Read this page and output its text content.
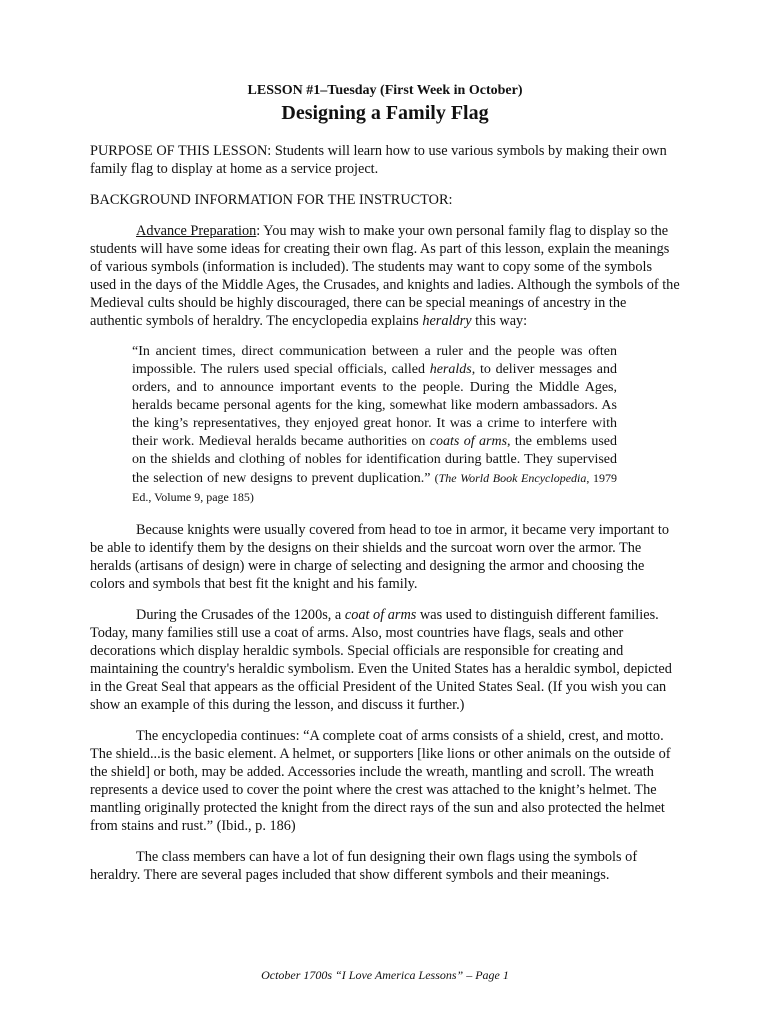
LESSON #1–Tuesday (First Week in October)
Designing a Family Flag

PURPOSE OF THIS LESSON: Students will learn how to use various symbols by making their own family flag to display at home as a service project.

BACKGROUND INFORMATION FOR THE INSTRUCTOR:

Advance Preparation: You may wish to make your own personal family flag to display so the students will have some ideas for creating their own flag. As part of this lesson, explain the meanings of various symbols (information is included). The students may want to copy some of the symbols used in the days of the Middle Ages, the Crusades, and knights and ladies. Although the symbols of the Medieval cults should be highly discouraged, there can be special meanings of ancestry in the authentic symbols of heraldry. The encyclopedia explains heraldry this way:

“In ancient times, direct communication between a ruler and the people was often impossible. The rulers used special officials, called heralds, to deliver messages and orders, and to announce important events to the people. During the Middle Ages, heralds became personal agents for the king, somewhat like modern ambassadors. As the king’s representatives, they enjoyed great honor. It was a crime to interfere with their work. Medieval heralds became authorities on coats of arms, the emblems used on the shields and clothing of nobles for identification during battle. They supervised the selection of new designs to prevent duplication.” (The World Book Encyclopedia, 1979 Ed., Volume 9, page 185)

Because knights were usually covered from head to toe in armor, it became very important to be able to identify them by the designs on their shields and the surcoat worn over the armor. The heralds (artisans of design) were in charge of selecting and designing the armor and choosing the colors and symbols that best fit the knight and his family.

During the Crusades of the 1200s, a coat of arms was used to distinguish different families. Today, many families still use a coat of arms. Also, most countries have flags, seals and other decorations which display heraldic symbols. Special officials are responsible for creating and maintaining the country's heraldic symbolism. Even the United States has a heraldic symbol, depicted in the Great Seal that appears as the official President of the United States Seal. (If you wish you can show an example of this during the lesson, and discuss it further.)

The encyclopedia continues: “A complete coat of arms consists of a shield, crest, and motto. The shield...is the basic element. A helmet, or supporters [like lions or other animals on the outside of the shield] or both, may be added. Accessories include the wreath, mantling and scroll. The wreath represents a device used to cover the point where the crest was attached to the knight’s helmet. The mantling originally protected the knight from the direct rays of the sun and also protected the helmet from stains and rust.” (Ibid., p. 186)

The class members can have a lot of fun designing their own flags using the symbols of heraldry. There are several pages included that show different symbols and their meanings.

October 1700s “I Love America Lessons” – Page 1
